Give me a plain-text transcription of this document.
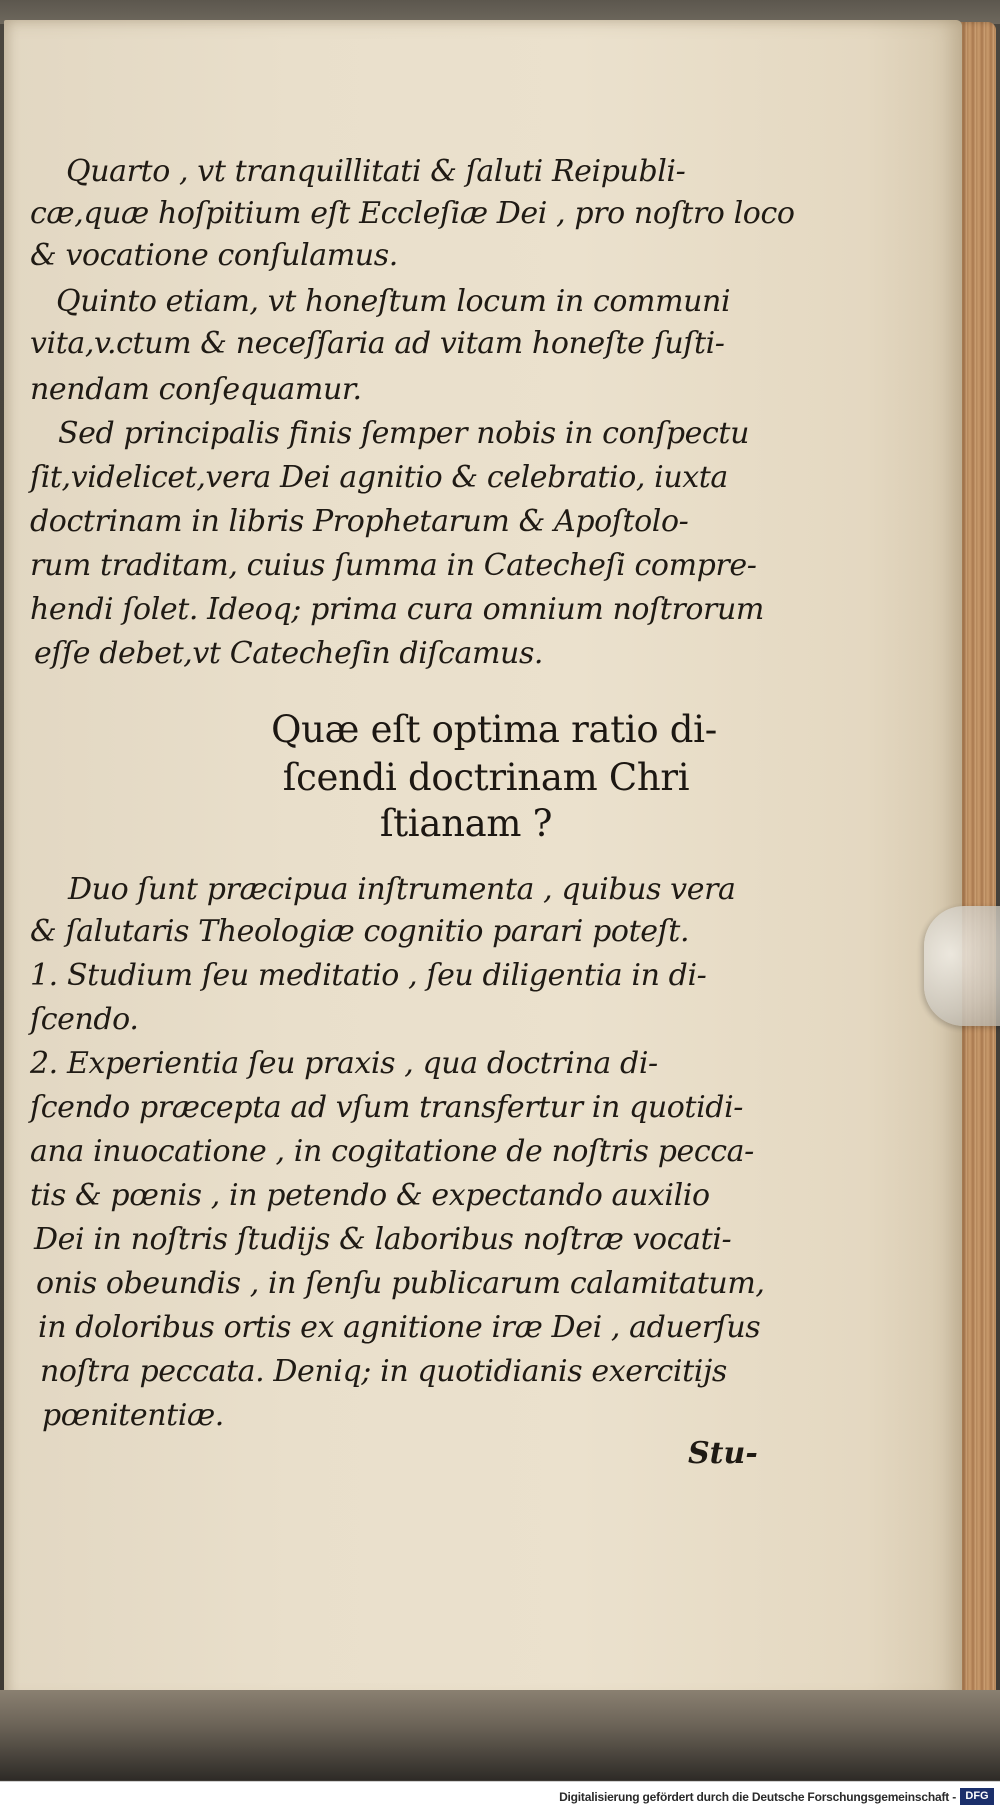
Quarto , vt tranquillitati & ſaluti Reipubli-
cæ,quæ hoſpitium eſt Eccleſiæ Dei , pro noſtro loco
& vocatione conſulamus.
Quinto etiam, vt honeſtum locum in communi
vita,v.ctum & neceſſaria ad vitam honeſte ſuſti-
nendam conſequamur.
Sed principalis finis ſemper nobis in conſpectu
ſit,videlicet,vera Dei agnitio & celebratio, iuxta
doctrinam in libris Prophetarum & Apoſtolo-
rum traditam, cuius ſumma in Catecheſi compre-
hendi ſolet. Ideoq; prima cura omnium noſtrorum
eſſe debet,vt Catecheſin diſcamus.
Quæ eſt optima ratio di-
ſcendi doctrinam Chri
ſtianam ?
Duo ſunt præcipua inſtrumenta , quibus vera
& ſalutaris Theologiæ cognitio parari poteſt.
1. Studium ſeu meditatio , ſeu diligentia in di-
ſcendo.
2. Experientia ſeu praxis , qua doctrina di-
ſcendo præcepta ad vſum transfertur in quotidi-
ana inuocatione , in cogitatione de noſtris pecca-
tis & pœnis , in petendo & expectando auxilio
Dei in noſtris ſtudijs & laboribus noſtræ vocati-
onis obeundis , in ſenſu publicarum calamitatum,
in doloribus ortis ex agnitione iræ Dei , aduerſus
noſtra peccata. Deniq; in quotidianis exercitijs
pœnitentiæ.
Stu-
Digitalisierung gefördert durch die Deutsche Forschungsgemeinschaft - DFG
